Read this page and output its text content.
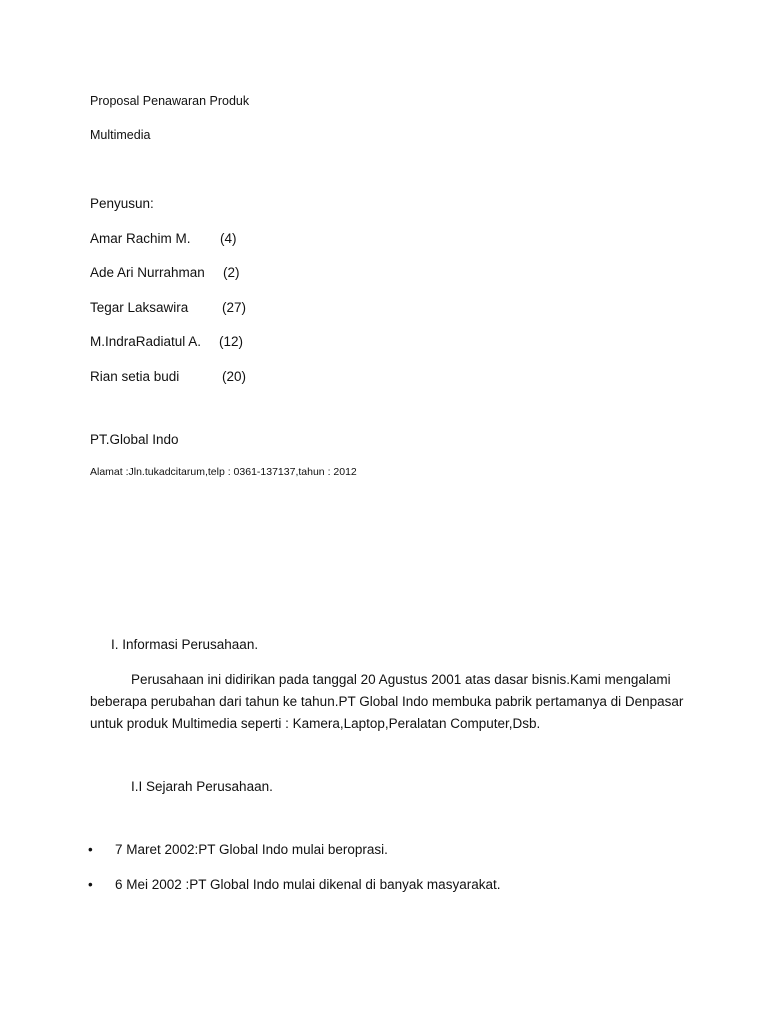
Proposal Penawaran Produk

Multimedia

Penyusun:

Amar Rachim M. (4)
Ade Ari Nurrahman (2)
Tegar Laksawira (27)
M.IndraRadiatul A. (12)
Rian setia budi	(20)

PT.Global Indo

Alamat :Jln.tukadcitarum,telp : 0361-137137,tahun : 2012

I. Informasi Perusahaan.

Perusahaan ini didirikan pada tanggal 20 Agustus 2001 atas dasar bisnis.Kami mengalami beberapa perubahan dari tahun ke tahun.PT Global Indo membuka pabrik pertamanya di Denpasar untuk produk Multimedia seperti : Kamera,Laptop,Peralatan Computer,Dsb.

I.I Sejarah Perusahaan.

• 7 Maret 2002:PT Global Indo mulai beroprasi.
• 6 Mei 2002 :PT Global Indo mulai dikenal di banyak masyarakat.
